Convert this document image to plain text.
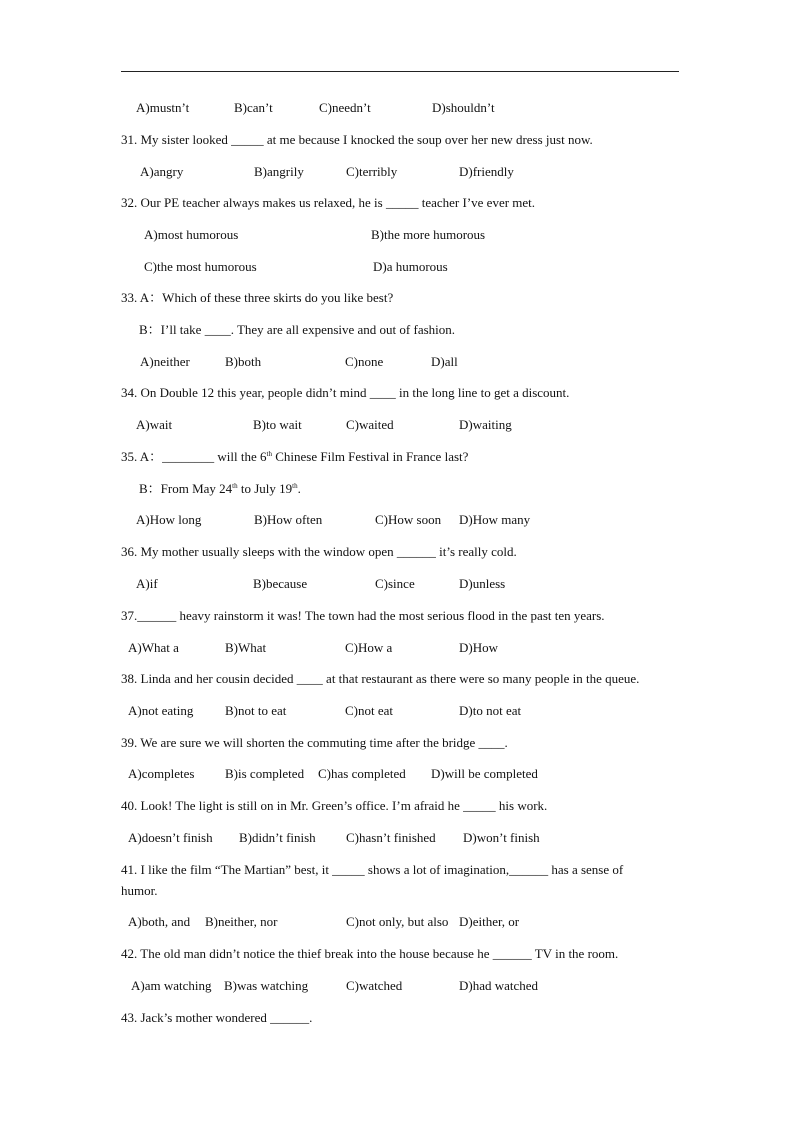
A)mustn’t	B)can’t	C)needn’t	D)shouldn’t
31. My sister looked _____ at me because I knocked the soup over her new dress just now.
A)angry	B)angrily	C)terribly	D)friendly
32. Our PE teacher always makes us relaxed, he is _____ teacher I’ve ever met.
A)most humorous	B)the more humorous
C)the most humorous	D)a humorous
33. A：Which of these three skirts do you like best?
B：I’ll take ____. They are all expensive and out of fashion.
A)neither	B)both	C)none	D)all
34. On Double 12 this year, people didn’t mind ____ in the long line to get a discount.
A)wait	B)to wait	C)waited	D)waiting
35. A：________ will the 6th Chinese Film Festival in France last?
B：From May 24th to July 19th.
A)How long	B)How often	C)How soon D)How many
36. My mother usually sleeps with the window open ______ it’s really cold.
A)if	B)because	C)since	D)unless
37.______ heavy rainstorm it was! The town had the most serious flood in the past ten years.
A)What a	B)What	C)How a	D)How
38. Linda and her cousin decided ____ at that restaurant as there were so many people in the queue.
A)not eating B)not to eat	C)not eat	D)to not eat
39. We are sure we will shorten the commuting time after the bridge ____.
A)completes B)is completed C)has completed D)will be completed
40. Look! The light is still on in Mr. Green’s office. I’m afraid he _____ his work.
A)doesn’t finish B)didn’t finish C)hasn’t finished D)won’t finish
41. I like the film “The Martian” best, it _____ shows a lot of imagination,______ has a sense of
humor.
A)both, and B)neither, nor	C)not only, but also D)either, or
42. The old man didn’t notice the thief break into the house because he ______ TV in the room.
A)am watching B)was watching	C)watched	D)had watched
43. Jack’s mother wondered ______.
